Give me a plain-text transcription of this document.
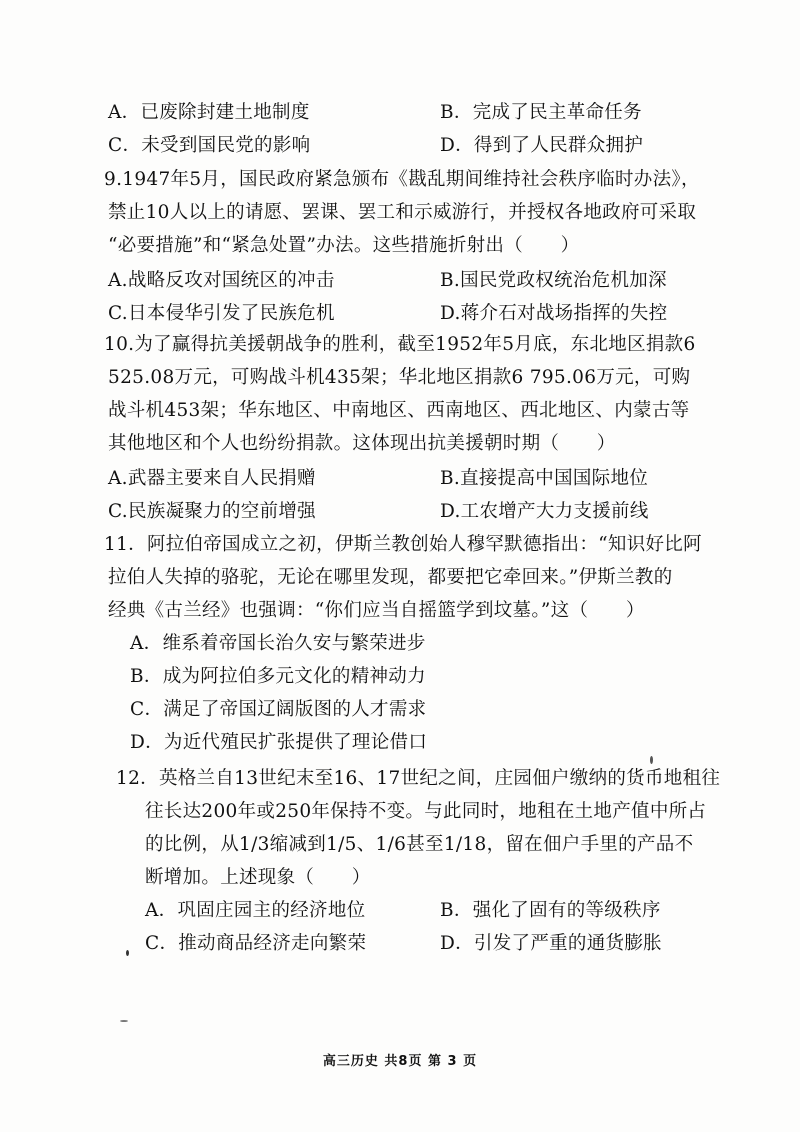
A．已废除封建土地制度	B．完成了民主革命任务
C．未受到国民党的影响	D．得到了人民群众拥护
9.1947年5月，国民政府紧急颁布《戡乱期间维持社会秩序临时办法》，
禁止10人以上的请愿、罢课、罢工和示威游行，并授权各地政府可采取
“必要措施”和“紧急处置”办法。这些措施折射出（　　）
A.战略反攻对国统区的冲击	B.国民党政权统治危机加深
C.日本侵华引发了民族危机	D.蒋介石对战场指挥的失控
10.为了赢得抗美援朝战争的胜利，截至1952年5月底，东北地区捐款6
525.08万元，可购战斗机435架；华北地区捐款6 795.06万元，可购
战斗机453架；华东地区、中南地区、西南地区、西北地区、内蒙古等
其他地区和个人也纷纷捐款。这体现出抗美援朝时期（　　）
A.武器主要来自人民捐赠	B.直接提高中国国际地位
C.民族凝聚力的空前增强	D.工农增产大力支援前线
11．阿拉伯帝国成立之初，伊斯兰教创始人穆罕默德指出：“知识好比阿
拉伯人失掉的骆驼，无论在哪里发现，都要把它牵回来。”伊斯兰教的
经典《古兰经》也强调：“你们应当自摇篮学到坟墓。”这（　　）
A．维系着帝国长治久安与繁荣进步
B．成为阿拉伯多元文化的精神动力
C．满足了帝国辽阔版图的人才需求
D．为近代殖民扩张提供了理论借口
12．英格兰自13世纪末至16、17世纪之间，庄园佃户缴纳的货币地租往
往长达200年或250年保持不变。与此同时，地租在土地产值中所占
的比例，从1/3缩减到1/5、1/6甚至1/18，留在佃户手里的产品不
断增加。上述现象（　　）
A．巩固庄园主的经济地位	B．强化了固有的等级秩序
C．推动商品经济走向繁荣	D．引发了严重的通货膨胀
高三历史 共8页 第 3 页
